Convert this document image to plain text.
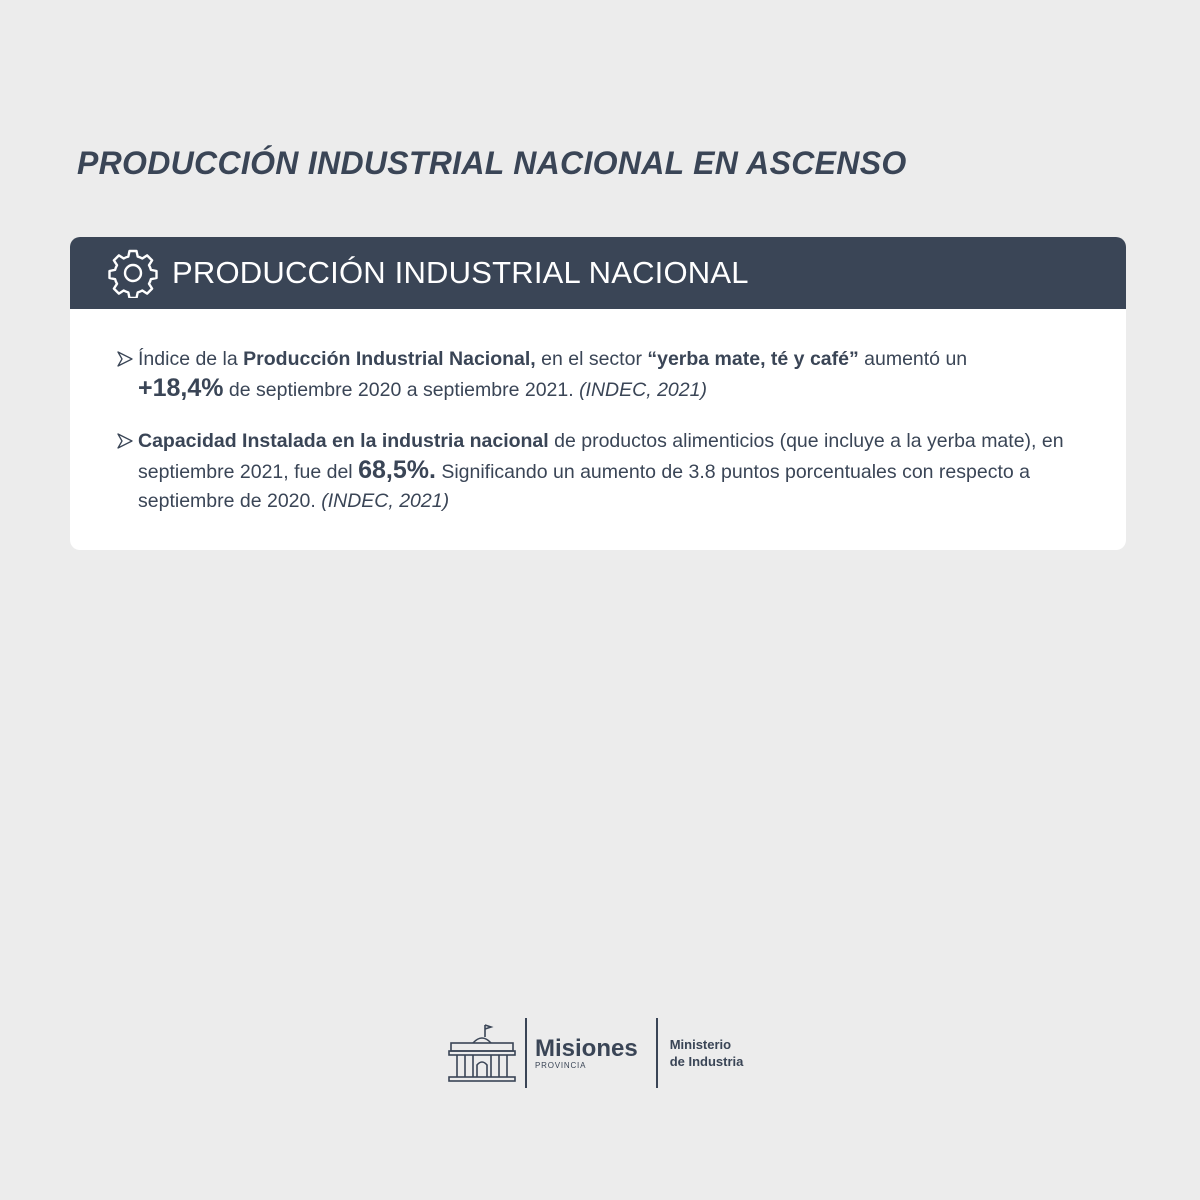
PRODUCCIÓN INDUSTRIAL NACIONAL EN ASCENSO
PRODUCCIÓN INDUSTRIAL NACIONAL
Índice de la Producción Industrial Nacional, en el sector “yerba mate, té y café” aumentó un
+18,4% de septiembre 2020 a septiembre 2021. (INDEC, 2021)
Capacidad Instalada en la industria nacional de productos alimenticios (que incluye a la yerba mate), en septiembre 2021, fue del 68,5%. Significando un aumento de 3.8 puntos porcentuales con respecto a septiembre de 2020. (INDEC, 2021)
Misiones
PROVINCIA
Ministerio
de Industria
